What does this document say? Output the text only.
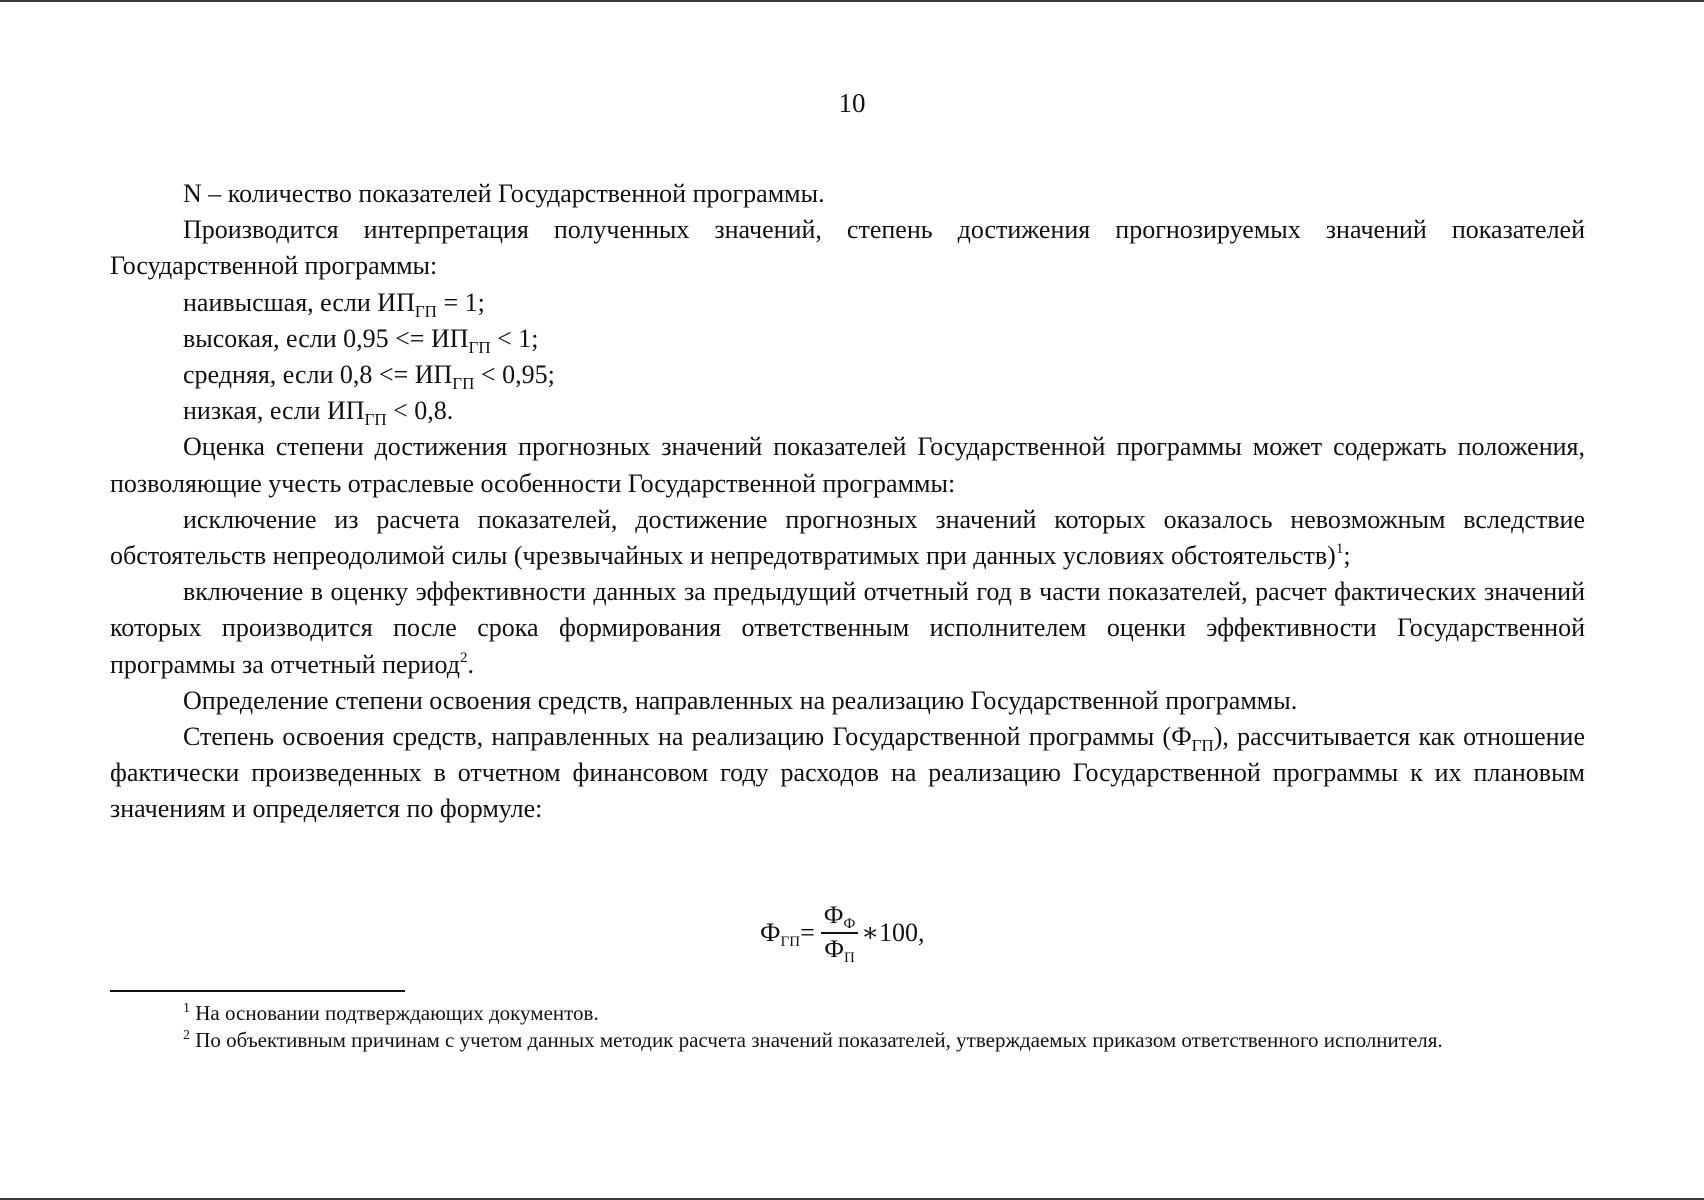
10

N – количество показателей Государственной программы.

Производится интерпретация полученных значений, степень достижения прогнозируемых значений показателей Государственной программы:

наивысшая, если $ИП_{ГП} = 1$;

высокая, если $0,95 <= ИП_{ГП} < 1$;

средняя, если $0,8 <= ИП_{ГП} < 0,95$;

низкая, если $ИП_{ГП} < 0,8$.

Оценка степени достижения прогнозных значений показателей Государственной программы может содержать положения, позволяющие учесть отраслевые особенности Государственной программы:

исключение из расчета показателей, достижение прогнозных значений которых оказалось невозможным вследствие обстоятельств непреодолимой силы (чрезвычайных и непредотвратимых при данных условиях обстоятельств)$^1$;

включение в оценку эффективности данных за предыдущий отчетный год в части показателей, расчет фактических значений которых производится после срока формирования ответственным исполнителем оценки эффективности Государственной программы за отчетный период$^2$.

Определение степени освоения средств, направленных на реализацию Государственной программы.

Степень освоения средств, направленных на реализацию Государственной программы $(Ф_{ГП})$, рассчитывается как отношение фактически произведенных в отчетном финансовом году расходов на реализацию Государственной программы к их плановым значениям и определяется по формуле:

$Ф_{ГП} = \frac{Ф_Ф}{Ф_П}$ ∗100,

$^1$ На основании подтверждающих документов.

$^2$ По объективным причинам с учетом данных методик расчета значений показателей, утверждаемых приказом ответственного исполнителя.
